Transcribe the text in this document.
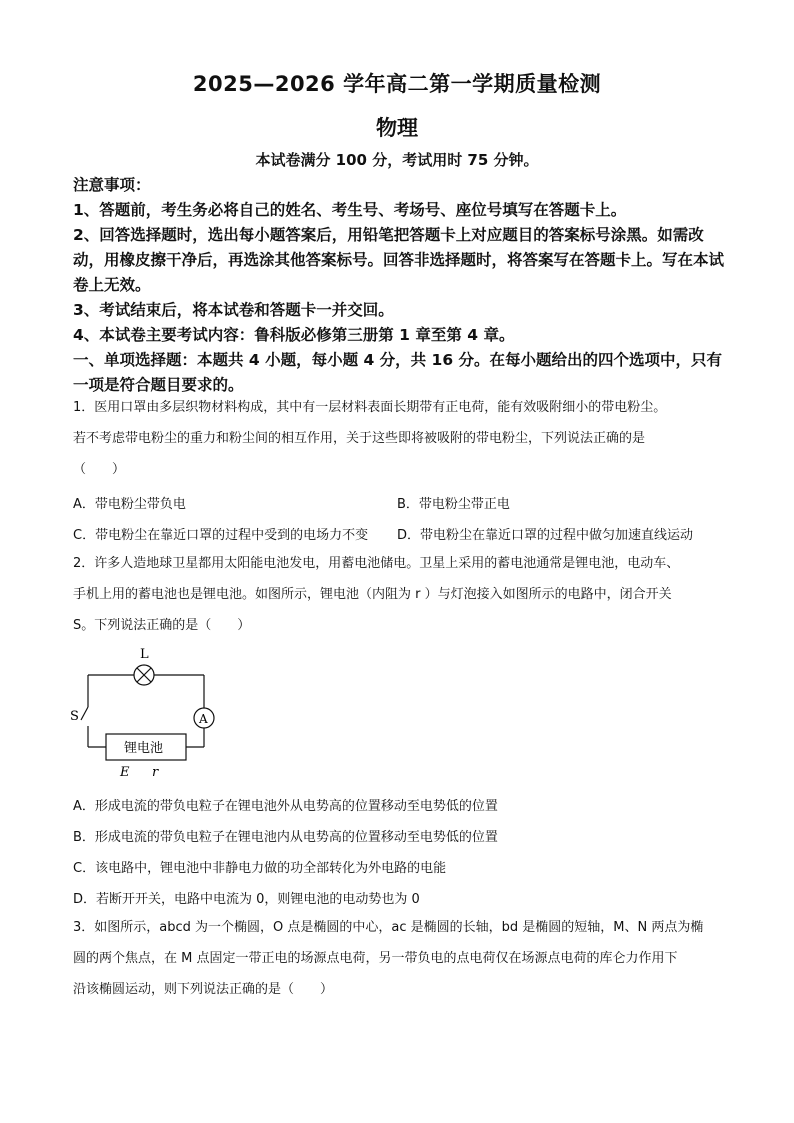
2025—2026 学年高二第一学期质量检测
物理
本试卷满分 100 分，考试用时 75 分钟。
注意事项：
1、答题前，考生务必将自己的姓名、考生号、考场号、座位号填写在答题卡上。
2、回答选择题时，选出每小题答案后，用铅笔把答题卡上对应题目的答案标号涂黑。如需改动，用橡皮擦干净后，再选涂其他答案标号。回答非选择题时，将答案写在答题卡上。写在本试卷上无效。
3、考试结束后，将本试卷和答题卡一并交回。
4、本试卷主要考试内容：鲁科版必修第三册第 1 章至第 4 章。
一、单项选择题：本题共 4 小题，每小题 4 分，共 16 分。在每小题给出的四个选项中，只有一项是符合题目要求的。
1．医用口罩由多层织物材料构成，其中有一层材料表面长期带有正电荷，能有效吸附细小的带电粉尘。
若不考虑带电粉尘的重力和粉尘间的相互作用，关于这些即将被吸附的带电粉尘，下列说法正确的是
（　　）
A．带电粉尘带负电	B．带电粉尘带正电
C．带电粉尘在靠近口罩的过程中受到的电场力不变 D．带电粉尘在靠近口罩的过程中做匀加速直线运动
2．许多人造地球卫星都用太阳能电池发电，用蓄电池储电。卫星上采用的蓄电池通常是锂电池，电动车、
手机上用的蓄电池也是锂电池。如图所示，锂电池（内阻为 r ）与灯泡接入如图所示的电路中，闭合开关
S。下列说法正确的是（　　）
L
S	A
锂电池
E r
A．形成电流的带负电粒子在锂电池外从电势高的位置移动至电势低的位置
B．形成电流的带负电粒子在锂电池内从电势高的位置移动至电势低的位置
C．该电路中，锂电池中非静电力做的功全部转化为外电路的电能
D．若断开开关，电路中电流为 0，则锂电池的电动势也为 0
3．如图所示，abcd 为一个椭圆，O 点是椭圆的中心，ac 是椭圆的长轴，bd 是椭圆的短轴，M、N 两点为椭
圆的两个焦点，在 M 点固定一带正电的场源点电荷，另一带负电的点电荷仅在场源点电荷的库仑力作用下
沿该椭圆运动，则下列说法正确的是（　　）
